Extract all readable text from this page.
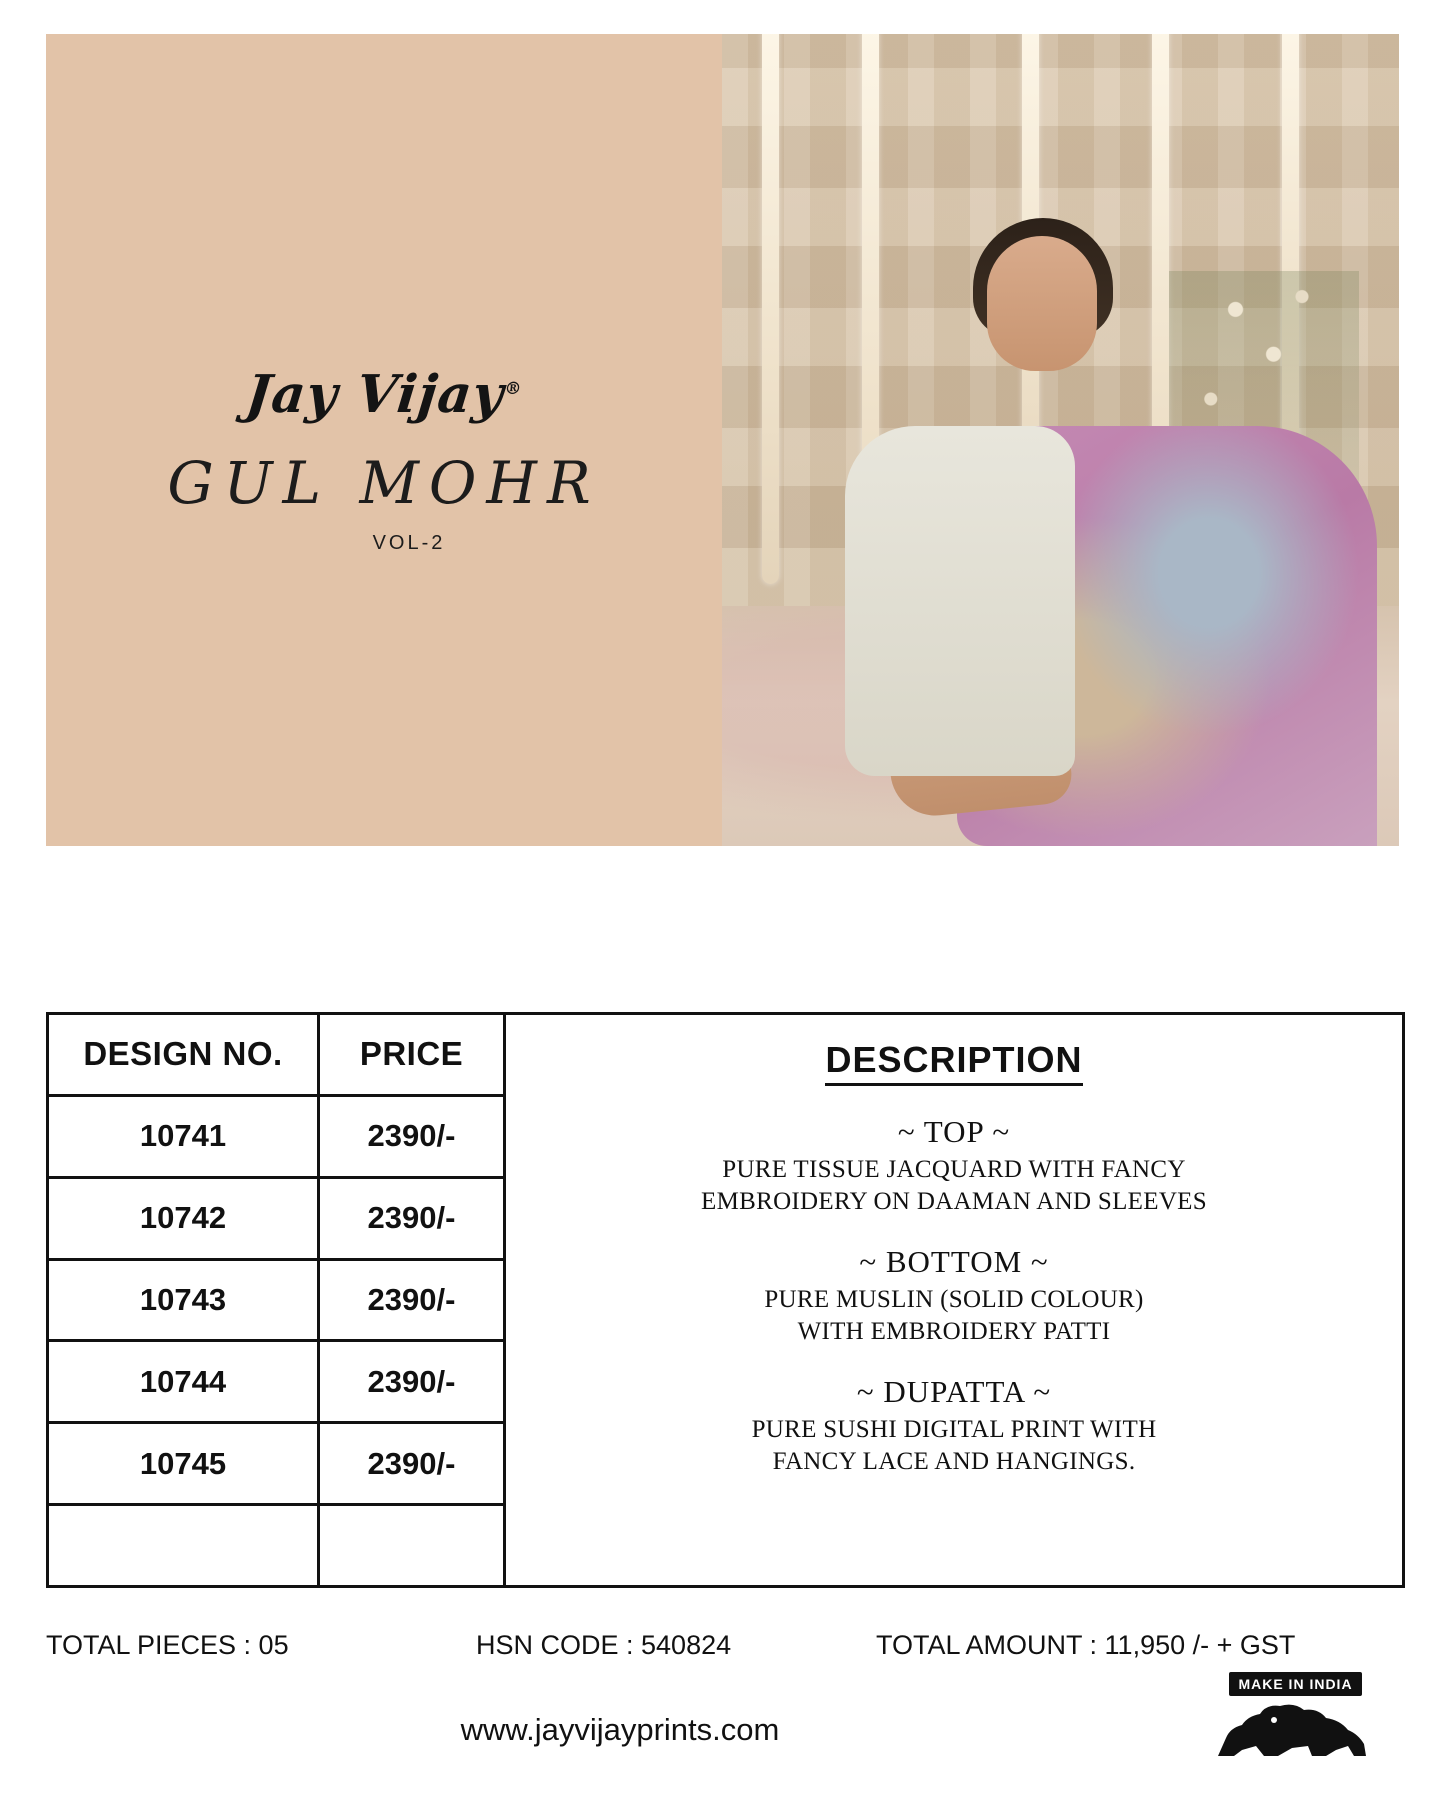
Jay Vijay®
GUL MOHR
VOL-2
DESIGN NO.	PRICE
10741	2390/-
10742	2390/-
10743	2390/-
10744	2390/-
10745	2390/-
DESCRIPTION
~ TOP ~
PURE TISSUE JACQUARD WITH FANCY
EMBROIDERY ON DAAMAN AND SLEEVES
~ BOTTOM ~
PURE MUSLIN (SOLID COLOUR)
WITH EMBROIDERY PATTI
~ DUPATTA ~
PURE SUSHI DIGITAL PRINT WITH
FANCY LACE AND HANGINGS.
TOTAL PIECES : 05	HSN CODE : 540824	TOTAL AMOUNT : 11,950 /- + GST
www.jayvijayprints.com
MAKE IN INDIA
